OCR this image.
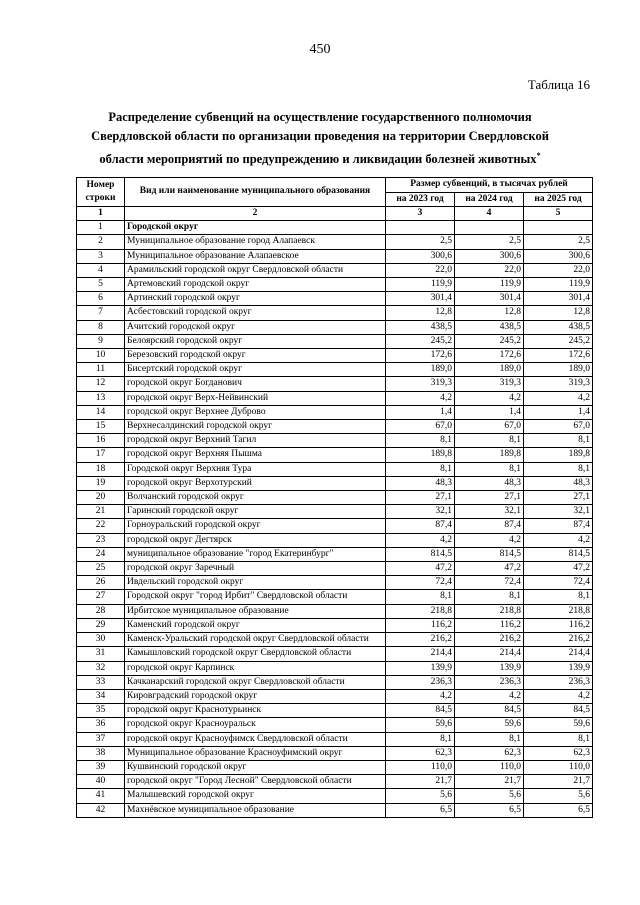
450
Таблица 16
Распределение субвенций на осуществление государственного полномочия
Свердловской области по организации проведения на территории Свердловской
области мероприятий по предупреждению и ликвидации болезней животных*
Номер строки	Вид или наименование муниципального образования	Размер субвенций, в тысячах рублей		
		на 2023 год	на 2024 год	на 2025 год
1	2	3	4	5
1	Городской округ			
2	Муниципальное образование город Алапаевск	2,5	2,5	2,5
3	Муниципальное образование Алапаевское	300,6	300,6	300,6
4	Арамильский городской округ Свердловской области	22,0	22,0	22,0
5	Артемовский городской округ	119,9	119,9	119,9
6	Артинский городской округ	301,4	301,4	301,4
7	Асбестовский городской округ	12,8	12,8	12,8
8	Ачитский городской округ	438,5	438,5	438,5
9	Белоярский городской округ	245,2	245,2	245,2
10	Березовский городской округ	172,6	172,6	172,6
11	Бисертский городской округ	189,0	189,0	189,0
12	городской округ Богданович	319,3	319,3	319,3
13	городской округ Верх-Нейвинский	4,2	4,2	4,2
14	городской округ Верхнее Дуброво	1,4	1,4	1,4
15	Верхнесалдинский городской округ	67,0	67,0	67,0
16	городской округ Верхний Тагил	8,1	8,1	8,1
17	городской округ Верхняя Пышма	189,8	189,8	189,8
18	Городской округ Верхняя Тура	8,1	8,1	8,1
19	городской округ Верхотурский	48,3	48,3	48,3
20	Волчанский городской округ	27,1	27,1	27,1
21	Гаринский городской округ	32,1	32,1	32,1
22	Горноуральский городской округ	87,4	87,4	87,4
23	городской округ Дегтярск	4,2	4,2	4,2
24	муниципальное образование "город Екатеринбург"	814,5	814,5	814,5
25	городской округ Заречный	47,2	47,2	47,2
26	Ивдельский городской округ	72,4	72,4	72,4
27	Городской округ "город Ирбит" Свердловской области	8,1	8,1	8,1
28	Ирбитское муниципальное образование	218,8	218,8	218,8
29	Каменский городской округ	116,2	116,2	116,2
30	Каменск-Уральский городской округ Свердловской области	216,2	216,2	216,2
31	Камышловский городской округ Свердловской области	214,4	214,4	214,4
32	городской округ Карпинск	139,9	139,9	139,9
33	Качканарский городской округ Свердловской области	236,3	236,3	236,3
34	Кировградский городской округ	4,2	4,2	4,2
35	городской округ Краснотурьинск	84,5	84,5	84,5
36	городской округ Красноуральск	59,6	59,6	59,6
37	городской округ Красноуфимск Свердловской области	8,1	8,1	8,1
38	Муниципальное образование Красноуфимский округ	62,3	62,3	62,3
39	Кушвинский городской округ	110,0	110,0	110,0
40	городской округ "Город Лесной" Свердловской области	21,7	21,7	21,7
41	Малышевский городской округ	5,6	5,6	5,6
42	Махнёвское муниципальное образование	6,5	6,5	6,5
